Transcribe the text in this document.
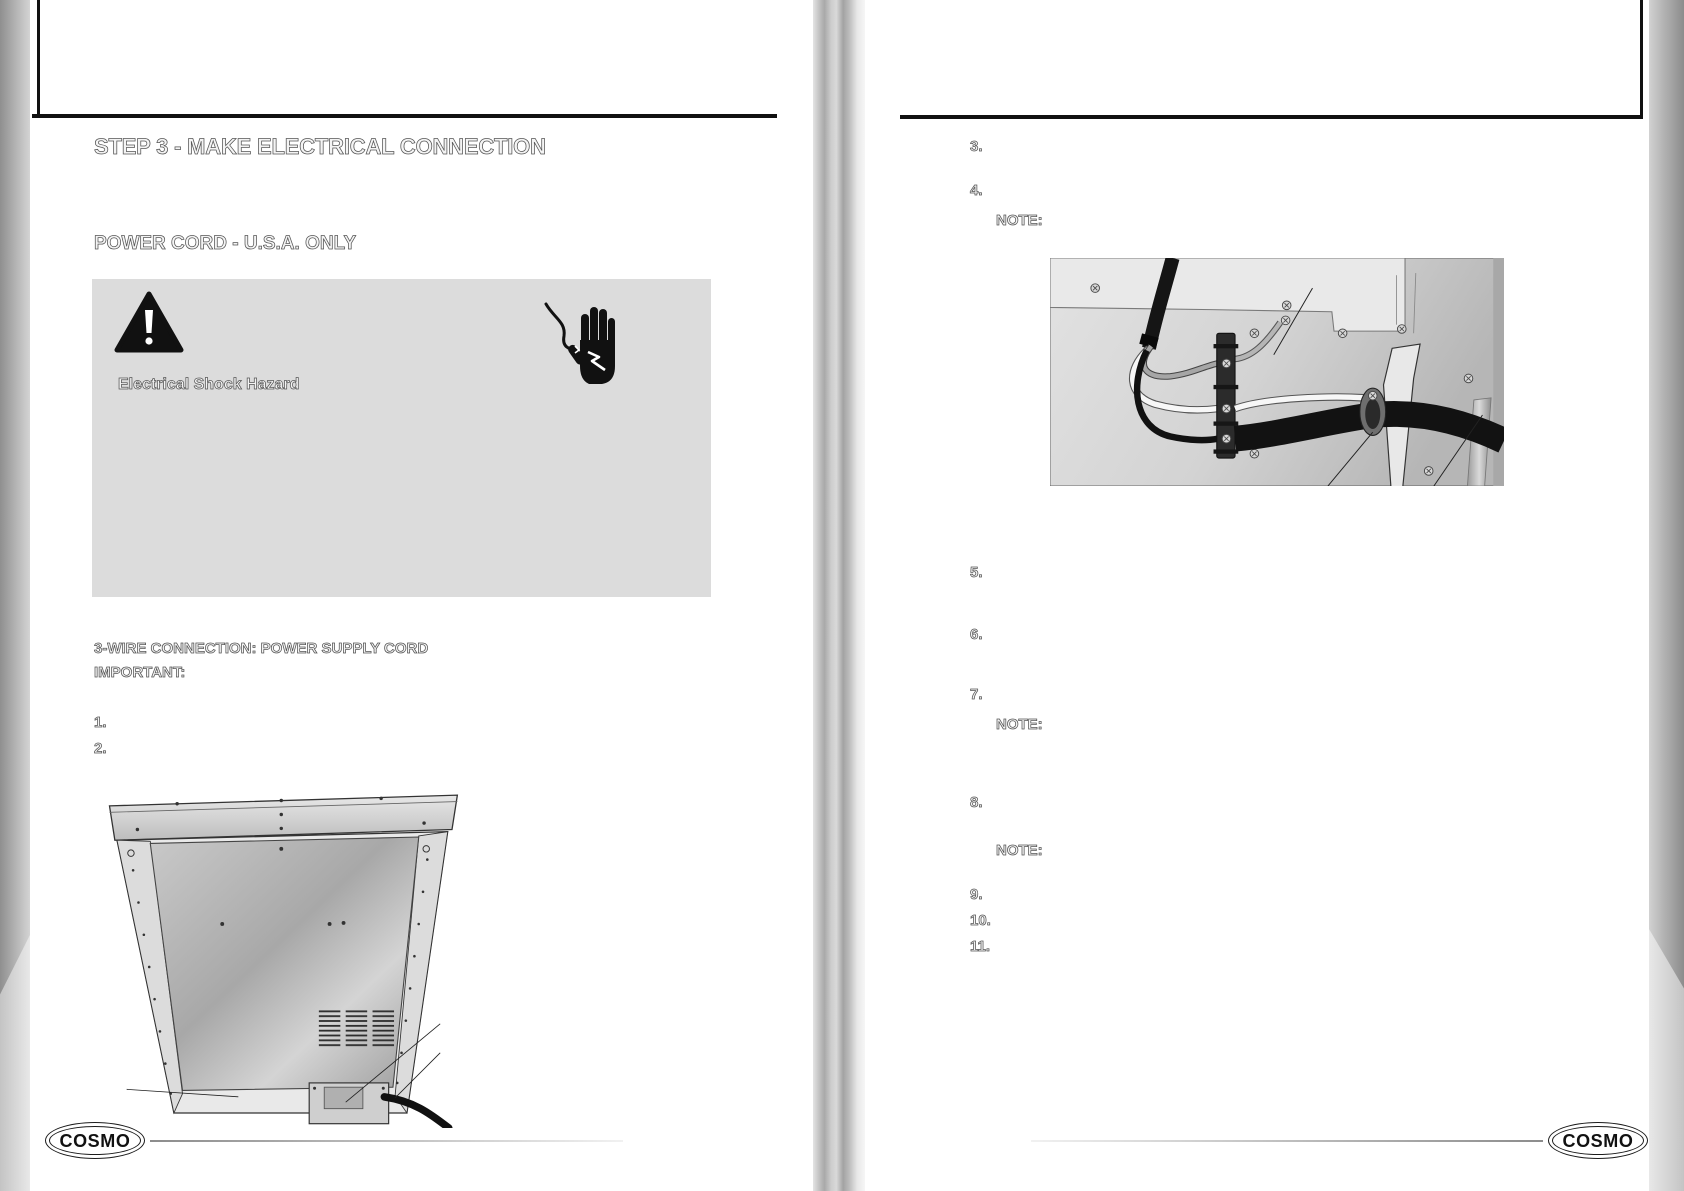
STEP 3 - MAKE ELECTRICAL CONNECTION
POWER CORD - U.S.A. ONLY
Electrical Shock Hazard
3-WIRE CONNECTION: POWER SUPPLY CORD
IMPORTANT:
1.
2.
3.
4.
NOTE:
5.
6.
7.
NOTE:
8.
NOTE:
9.
10.
11.
COSMO	COSMO
